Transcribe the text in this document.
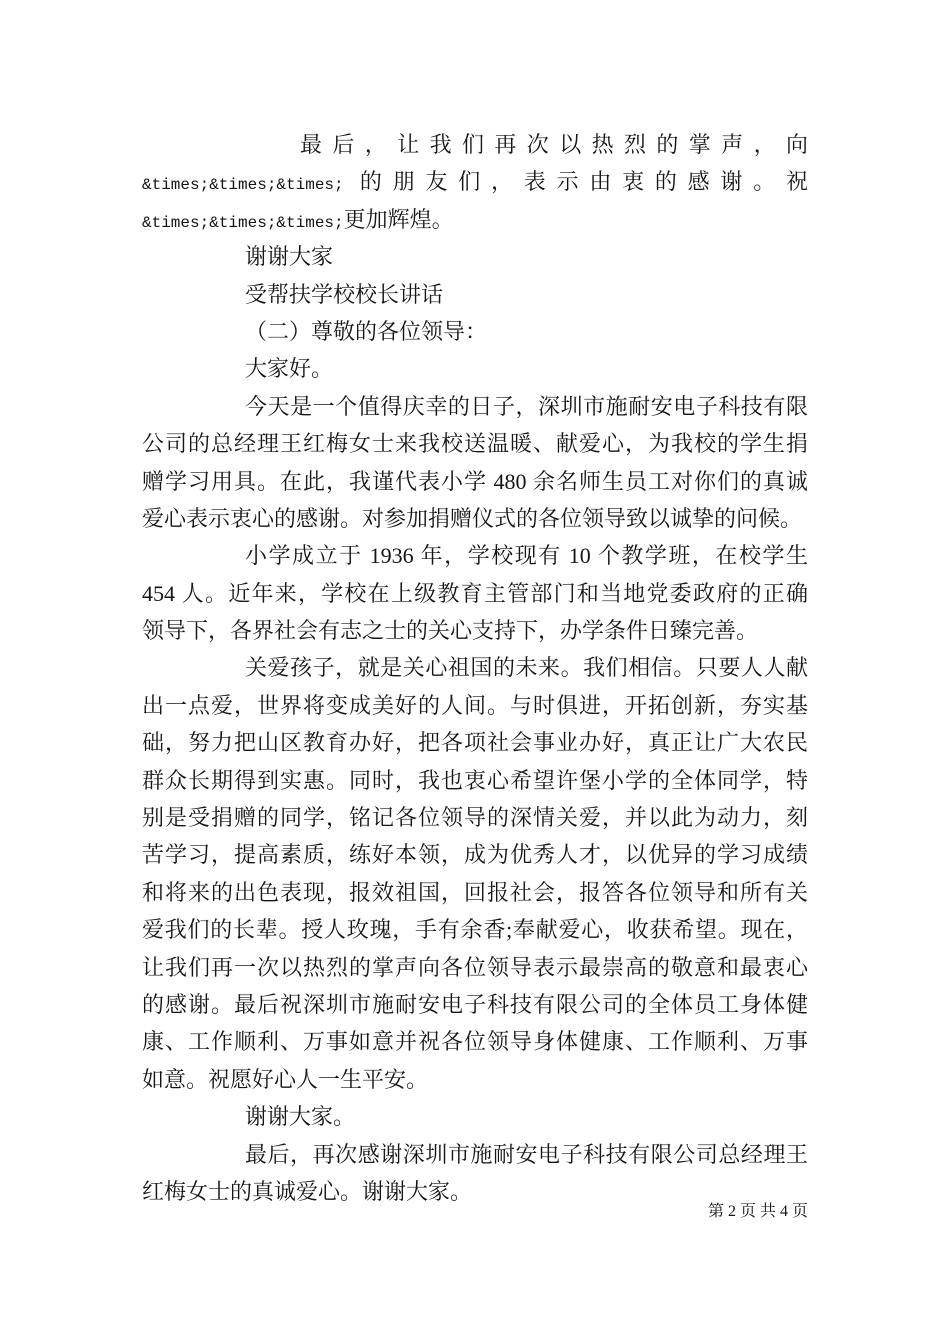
最后，让我们再次以热烈的掌声，向
&times;&times;&times; 的朋友们，表示由衷的感谢。祝
&times;&times;&times;更加辉煌。
谢谢大家
受帮扶学校校长讲话
（二）尊敬的各位领导：
大家好。
今天是一个值得庆幸的日子，深圳市施耐安电子科技有限
公司的总经理王红梅女士来我校送温暖、献爱心，为我校的学生捐
赠学习用具。在此，我谨代表小学 480 余名师生员工对你们的真诚
爱心表示衷心的感谢。对参加捐赠仪式的各位领导致以诚挚的问候。
小学成立于 1936 年，学校现有 10 个教学班，在校学生
454 人。近年来，学校在上级教育主管部门和当地党委政府的正确
领导下，各界社会有志之士的关心支持下，办学条件日臻完善。
关爱孩子，就是关心祖国的未来。我们相信。只要人人献
出一点爱，世界将变成美好的人间。与时俱进，开拓创新，夯实基
础，努力把山区教育办好，把各项社会事业办好，真正让广大农民
群众长期得到实惠。同时，我也衷心希望许堡小学的全体同学，特
别是受捐赠的同学，铭记各位领导的深情关爱，并以此为动力，刻
苦学习，提高素质，练好本领，成为优秀人才，以优异的学习成绩
和将来的出色表现，报效祖国，回报社会，报答各位领导和所有关
爱我们的长辈。授人玫瑰，手有余香;奉献爱心，收获希望。现在，
让我们再一次以热烈的掌声向各位领导表示最崇高的敬意和最衷心
的感谢。最后祝深圳市施耐安电子科技有限公司的全体员工身体健
康、工作顺利、万事如意并祝各位领导身体健康、工作顺利、万事
如意。祝愿好心人一生平安。
谢谢大家。
最后，再次感谢深圳市施耐安电子科技有限公司总经理王
红梅女士的真诚爱心。谢谢大家。
第 2 页 共 4 页
